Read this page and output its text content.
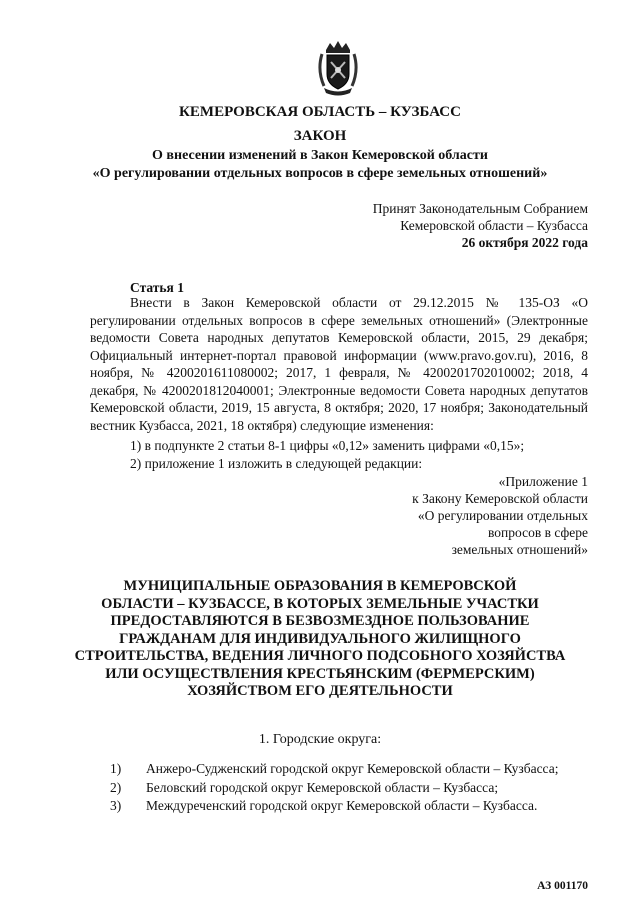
КЕМЕРОВСКАЯ ОБЛАСТЬ – КУЗБАСС
ЗАКОН
О внесении изменений в Закон Кемеровской области
«О регулировании отдельных вопросов в сфере земельных отношений»
Принят Законодательным Собранием
Кемеровской области – Кузбасса
26 октября 2022 года
Статья 1
Внести в Закон Кемеровской области от 29.12.2015 № 135-ОЗ «О регулировании отдельных вопросов в сфере земельных отношений» (Электронные ведомости Совета народных депутатов Кемеровской области, 2015, 29 декабря; Официальный интернет-портал правовой информации (www.pravo.gov.ru), 2016, 8 ноября, № 4200201611080002; 2017, 1 февраля, № 4200201702010002; 2018, 4 декабря, № 4200201812040001; Электронные ведомости Совета народных депутатов Кемеровской области, 2019, 15 августа, 8 октября; 2020, 17 ноября; Законодательный вестник Кузбасса, 2021, 18 октября) следующие изменения:
1) в подпункте 2 статьи 8-1 цифры «0,12» заменить цифрами «0,15»;
2) приложение 1 изложить в следующей редакции:
«Приложение 1
к Закону Кемеровской области
«О регулировании отдельных
вопросов в сфере
земельных отношений»
МУНИЦИПАЛЬНЫЕ ОБРАЗОВАНИЯ В КЕМЕРОВСКОЙ
ОБЛАСТИ – КУЗБАССЕ, В КОТОРЫХ ЗЕМЕЛЬНЫЕ УЧАСТКИ
ПРЕДОСТАВЛЯЮТСЯ В БЕЗВОЗМЕЗДНОЕ ПОЛЬЗОВАНИЕ
ГРАЖДАНАМ ДЛЯ ИНДИВИДУАЛЬНОГО ЖИЛИЩНОГО
СТРОИТЕЛЬСТВА, ВЕДЕНИЯ ЛИЧНОГО ПОДСОБНОГО ХОЗЯЙСТВА
ИЛИ ОСУЩЕСТВЛЕНИЯ КРЕСТЬЯНСКИМ (ФЕРМЕРСКИМ)
ХОЗЯЙСТВОМ ЕГО ДЕЯТЕЛЬНОСТИ
1. Городские округа:
1)	Анжеро-Судженский городской округ Кемеровской области – Кузбасса;
2)	Беловский городской округ Кемеровской области – Кузбасса;
3)	Междуреченский городской округ Кемеровской области – Кузбасса.
АЗ 001170
